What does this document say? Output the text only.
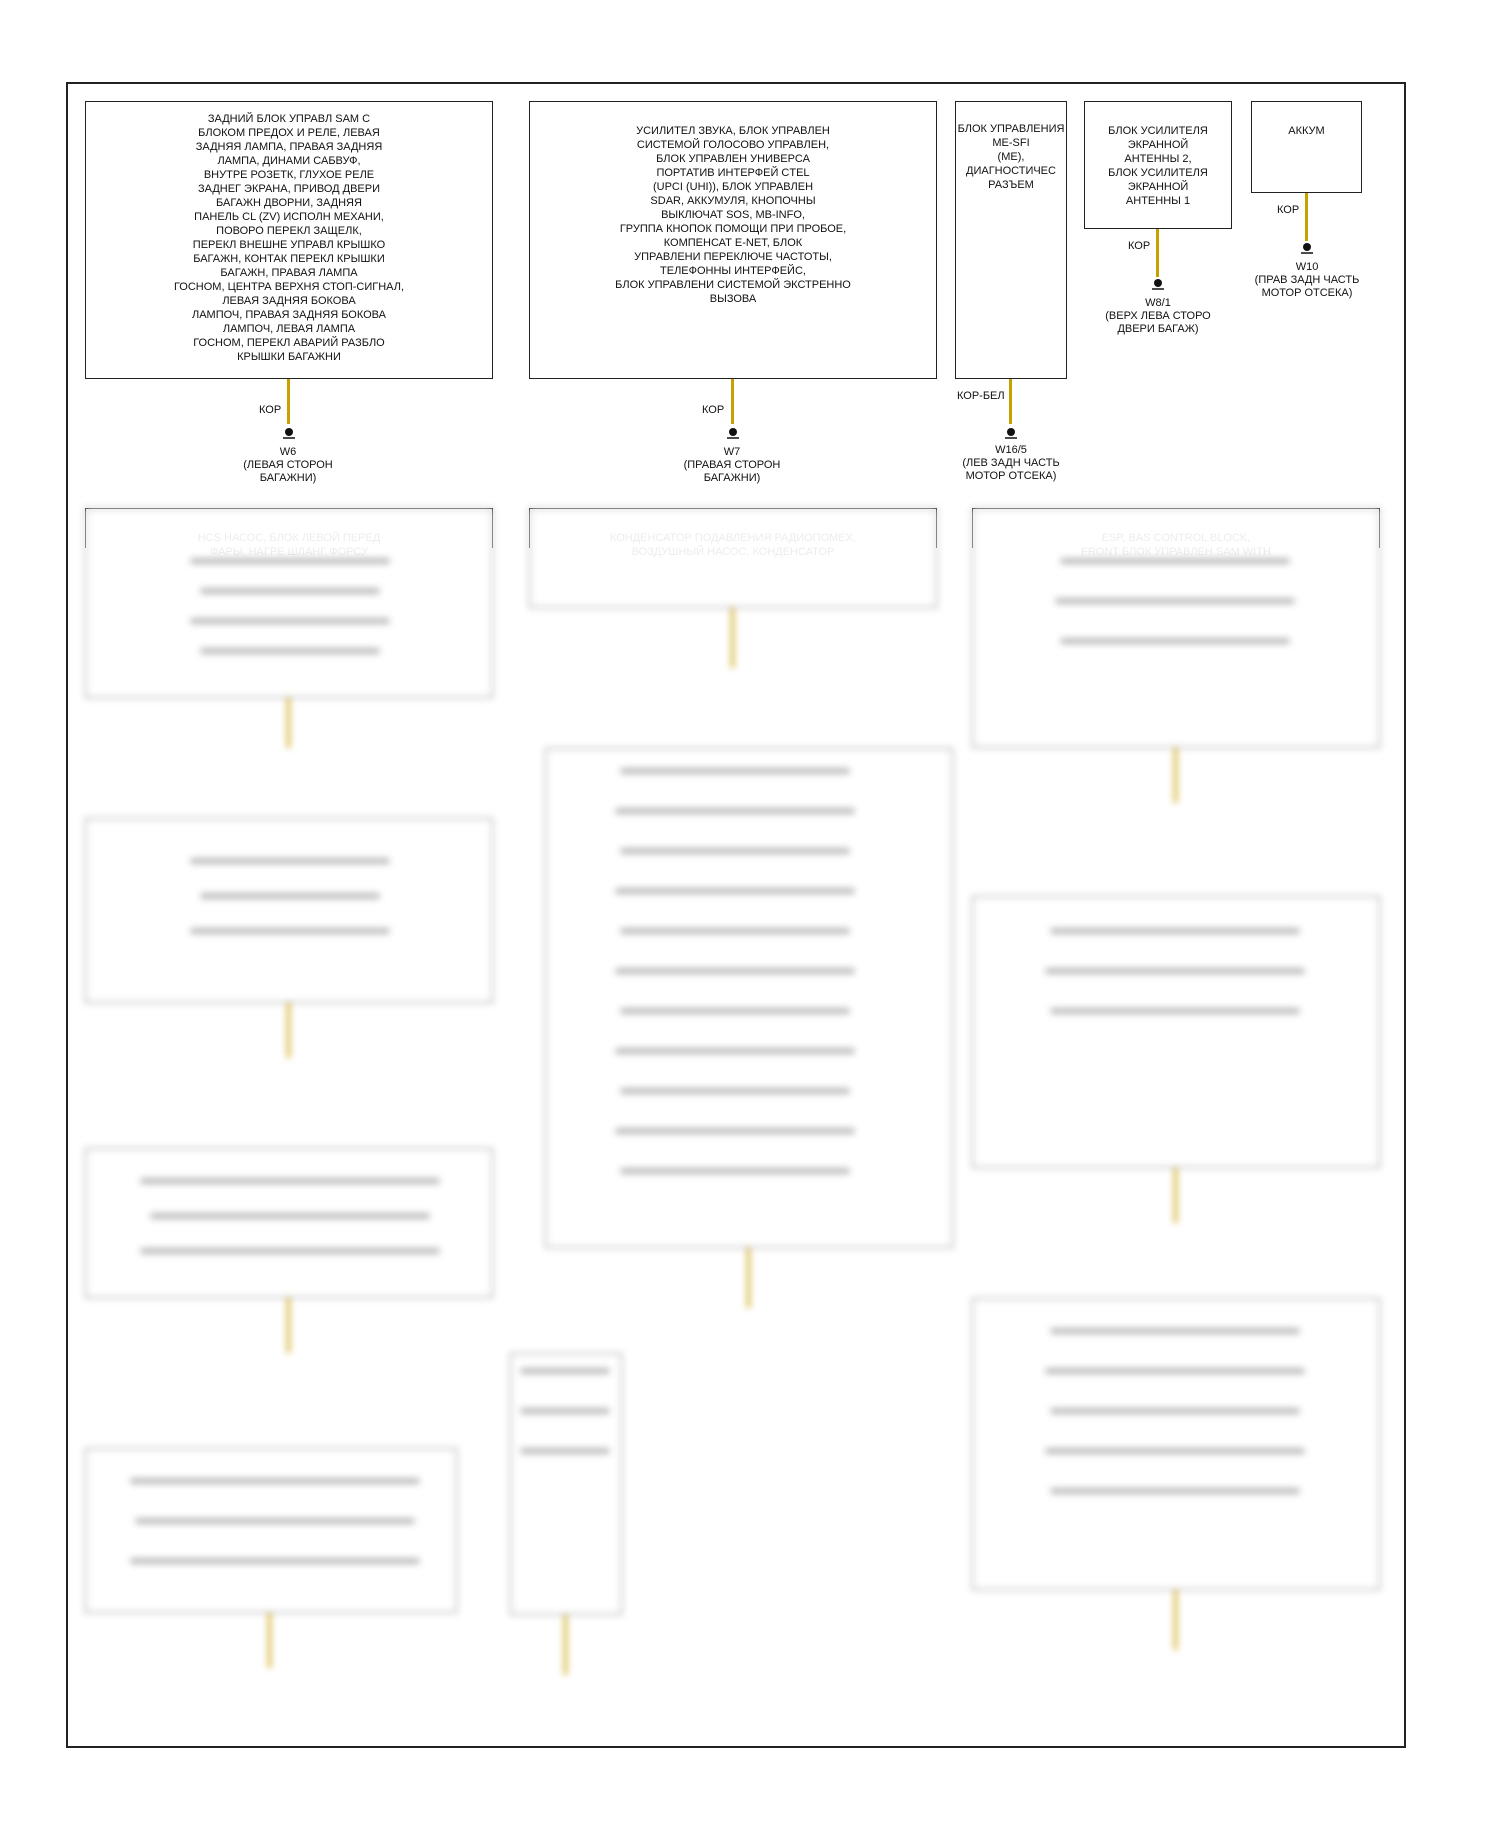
ЗАДНИЙ БЛОК УПРАВЛ SAM С
БЛОКОМ ПРЕДОХ И РЕЛЕ, ЛЕВАЯ
ЗАДНЯЯ ЛАМПА, ПРАВАЯ ЗАДНЯЯ
ЛАМПА, ДИНАМИ САБВУФ,
ВНУТРЕ РОЗЕТК, ГЛУХОЕ РЕЛЕ
ЗАДНЕГ ЭКРАНА, ПРИВОД ДВЕРИ
БАГАЖН ДВОРНИ, ЗАДНЯЯ
ПАНЕЛЬ CL (ZV) ИСПОЛН МЕХАНИ,
ПОВОРО ПЕРЕКЛ ЗАЩЕЛК,
ПЕРЕКЛ ВНЕШНЕ УПРАВЛ КРЫШКО
БАГАЖН, КОНТАК ПЕРЕКЛ КРЫШКИ
БАГАЖН, ПРАВАЯ ЛАМПА
ГОСНОМ, ЦЕНТРА ВЕРХНЯ СТОП-СИГНАЛ,
ЛЕВАЯ ЗАДНЯЯ БОКОВА
ЛАМПОЧ, ПРАВАЯ ЗАДНЯЯ БОКОВА
ЛАМПОЧ, ЛЕВАЯ ЛАМПА
ГОСНОМ, ПЕРЕКЛ АВАРИЙ РАЗБЛО
КРЫШКИ БАГАЖНИ
КОР
W6
(ЛЕВАЯ СТОРОН
БАГАЖНИ)
УСИЛИТЕЛ ЗВУКА, БЛОК УПРАВЛЕН
СИСТЕМОЙ ГОЛОСОВО УПРАВЛЕН,
БЛОК УПРАВЛЕН УНИВЕРСА
ПОРТАТИВ ИНТЕРФЕЙ CTEL
(UPCI (UHI)), БЛОК УПРАВЛЕН
SDAR, АККУМУЛЯ, КНОПОЧНЫ
ВЫКЛЮЧАТ SOS, MB-INFO,
ГРУППА КНОПОК ПОМОЩИ ПРИ ПРОБОЕ,
КОМПЕНСАТ E-NET, БЛОК
УПРАВЛЕНИ ПЕРЕКЛЮЧЕ ЧАСТОТЫ,
ТЕЛЕФОННЫ ИНТЕРФЕЙС,
БЛОК УПРАВЛЕНИ СИСТЕМОЙ ЭКСТРЕННО
ВЫЗОВА
КОР
W7
(ПРАВАЯ СТОРОН
БАГАЖНИ)
БЛОК УПРАВЛЕНИЯ
ME-SFI
(ME),
ДИАГНОСТИЧЕС
РАЗЪЕМ
КОР-БЕЛ
W16/5
(ЛЕВ ЗАДН ЧАСТЬ
МОТОР ОТСЕКА)
БЛОК УСИЛИТЕЛЯ
ЭКРАННОЙ
АНТЕННЫ 2,
БЛОК УСИЛИТЕЛЯ
ЭКРАННОЙ
АНТЕННЫ 1
КОР
W8/1
(ВЕРХ ЛЕВА СТОРО
ДВЕРИ БАГАЖ)
АККУМ
КОР
W10
(ПРАВ ЗАДН ЧАСТЬ
МОТОР ОТСЕКА)
